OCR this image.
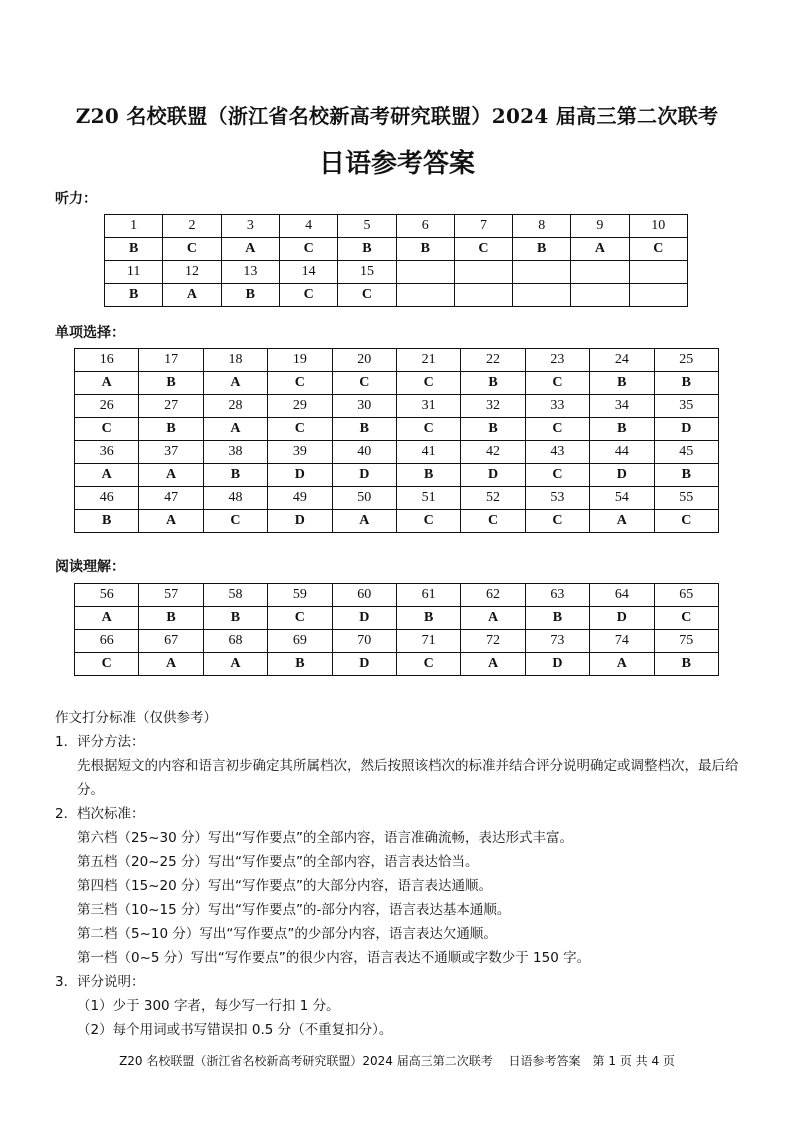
Z20 名校联盟（浙江省名校新高考研究联盟）2024 届高三第二次联考
日语参考答案
听力：
1	2	3	4	5	6	7	8	9	10
B	C	A	C	B	B	C	B	A	C
11	12	13	14	15					
B	A	B	C	C					
单项选择：
16	17	18	19	20	21	22	23	24	25
A	B	A	C	C	C	B	C	B	B
26	27	28	29	30	31	32	33	34	35
C	B	A	C	B	C	B	C	B	D
36	37	38	39	40	41	42	43	44	45
A	A	B	D	D	B	D	C	D	B
46	47	48	49	50	51	52	53	54	55
B	A	C	D	A	C	C	C	A	C
阅读理解：
56	57	58	59	60	61	62	63	64	65
A	B	B	C	D	B	A	B	D	C
66	67	68	69	70	71	72	73	74	75
C	A	A	B	D	C	A	D	A	B
作文打分标准（仅供参考）
1．评分方法：
先根据短文的内容和语言初步确定其所属档次，然后按照该档次的标准并结合评分说明确定或调整档次，最后给分。
2．档次标准：
第六档（25~30 分）写出“写作要点”的全部内容，语言准确流畅，表达形式丰富。
第五档（20~25 分）写出“写作要点”的全部内容，语言表达恰当。
第四档（15~20 分）写出“写作要点”的大部分内容，语言表达通顺。
第三档（10~15 分）写出“写作要点”的-部分内容，语言表达基本通顺。
第二档（5~10 分）写出“写作要点”的少部分内容，语言表达欠通顺。
第一档（0~5 分）写出“写作要点”的很少内容，语言表达不通顺或字数少于 150 字。
3．评分说明：
（1）少于 300 字者，每少写一行扣 1 分。
（2）每个用词或书写错误扣 0.5 分（不重复扣分）。
Z20 名校联盟（浙江省名校新高考研究联盟）2024 届高三第二次联考　 日语参考答案　第 1 页 共 4 页
